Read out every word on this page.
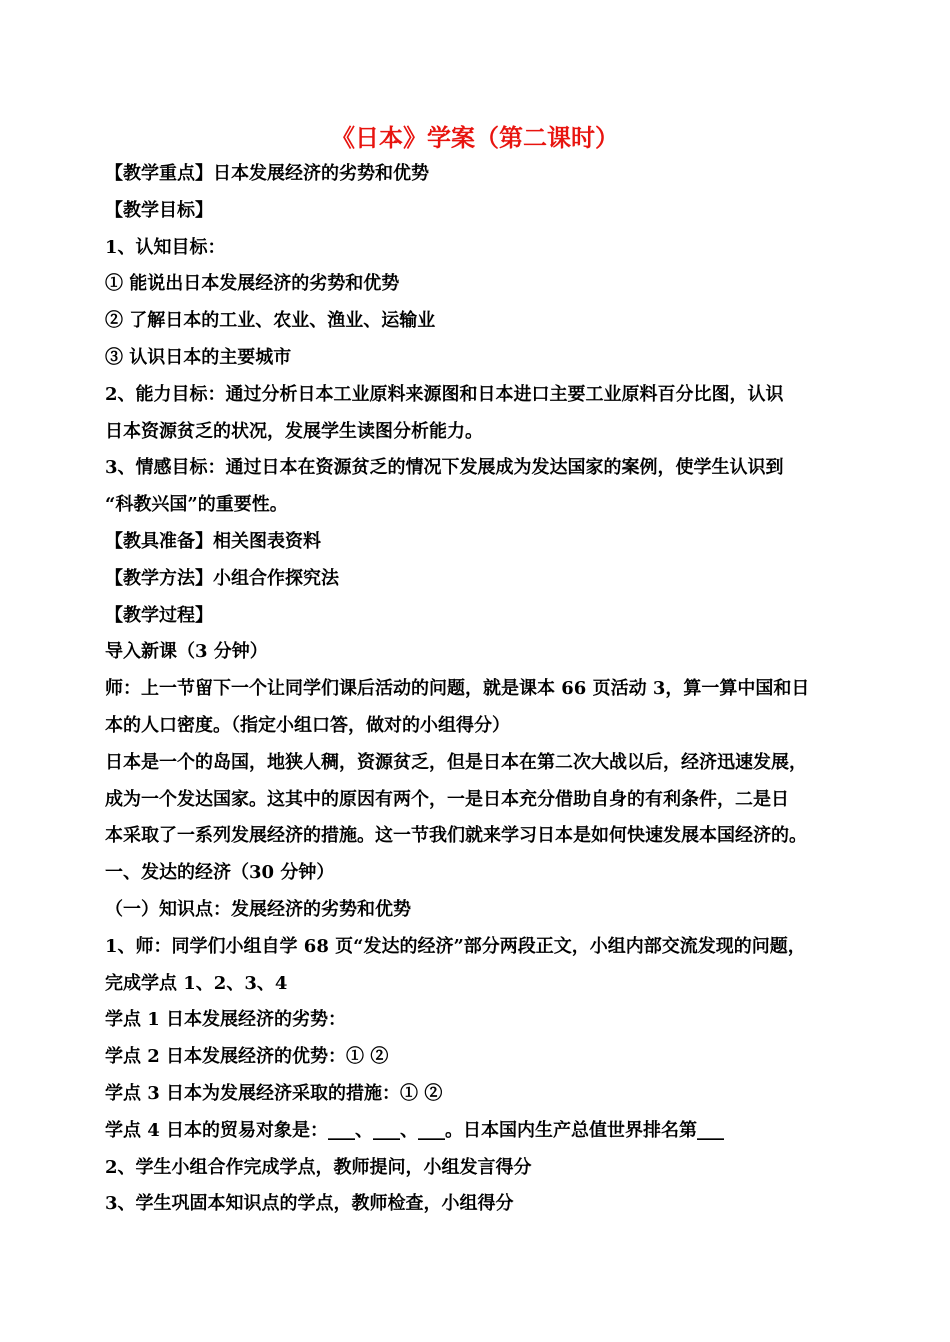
《日本》学案（第二课时）
【教学重点】日本发展经济的劣势和优势
【教学目标】
1、认知目标：
① 能说出日本发展经济的劣势和优势
② 了解日本的工业、农业、渔业、运输业
③ 认识日本的主要城市
2、能力目标：通过分析日本工业原料来源图和日本进口主要工业原料百分比图，认识
日本资源贫乏的状况，发展学生读图分析能力。
3、情感目标：通过日本在资源贫乏的情况下发展成为发达国家的案例，使学生认识到
“科教兴国”的重要性。
【教具准备】相关图表资料
【教学方法】小组合作探究法
【教学过程】
导入新课（3 分钟）
师：上一节留下一个让同学们课后活动的问题，就是课本 66 页活动 3，算一算中国和日
本的人口密度。（指定小组口答，做对的小组得分）
日本是一个的岛国，地狭人稠，资源贫乏，但是日本在第二次大战以后，经济迅速发展，
成为一个发达国家。这其中的原因有两个，一是日本充分借助自身的有利条件，二是日
本采取了一系列发展经济的措施。这一节我们就来学习日本是如何快速发展本国经济的。
一、发达的经济（30 分钟）
（一）知识点：发展经济的劣势和优势
1、师：同学们小组自学 68 页“发达的经济”部分两段正文，小组内部交流发现的问题，
完成学点 1、2、3、4
学点 1 日本发展经济的劣势：
学点 2 日本发展经济的优势：① ②
学点 3 日本为发展经济采取的措施：① ②
学点 4 日本的贸易对象是：___、___、___。日本国内生产总值世界排名第___
2、学生小组合作完成学点，教师提问，小组发言得分
3、学生巩固本知识点的学点，教师检查，小组得分
